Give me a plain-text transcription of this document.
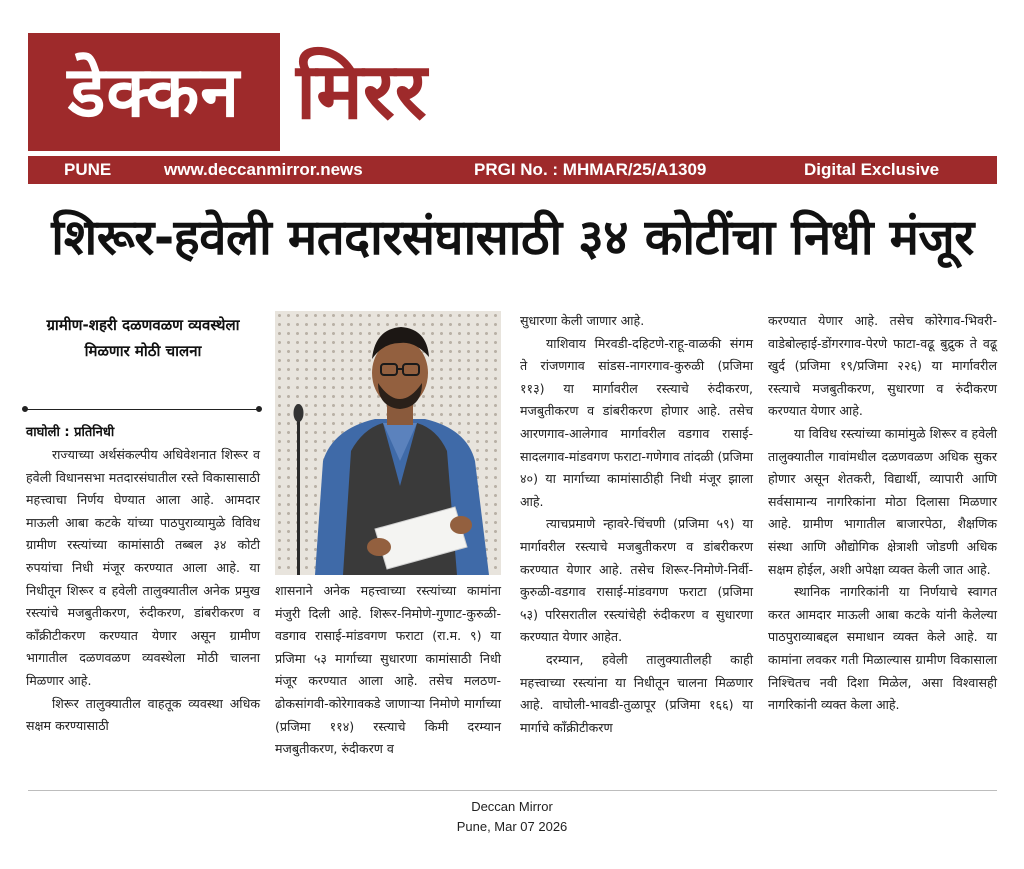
डेक्कन मिरर
PUNE	www.deccanmirror.news	PRGI No. : MHMAR/25/A1309	Digital Exclusive
शिरूर-हवेली मतदारसंघासाठी ३४ कोटींचा निधी मंजूर
ग्रामीण-शहरी दळणवळण व्यवस्थेला मिळणार मोठी चालना
वाघोली : प्रतिनिधी

राज्याच्या अर्थसंकल्पीय अधिवेशनात शिरूर व हवेली विधानसभा मतदारसंघातील रस्ते विकासासाठी महत्त्वाचा निर्णय घेण्यात आला आहे. आमदार माऊली आबा कटके यांच्या पाठपुराव्यामुळे विविध ग्रामीण रस्त्यांच्या कामांसाठी तब्बल ३४ कोटी रुपयांचा निधी मंजूर करण्यात आला आहे. या निधीतून शिरूर व हवेली तालुक्यातील अनेक प्रमुख रस्त्यांचे मजबुतीकरण, रुंदीकरण, डांबरीकरण व काँक्रीटीकरण करण्यात येणार असून ग्रामीण भागातील दळणवळण व्यवस्थेला मोठी चालना मिळणार आहे.

शिरूर तालुक्यातील वाहतूक व्यवस्था अधिक सक्षम करण्यासाठी

शासनाने अनेक महत्त्वाच्या रस्त्यांच्या कामांना मंजुरी दिली आहे. शिरूर-निमोणे-गुणाट-कुरुळी-वडगाव रासाई-मांडवगण फराटा (रा.म. ९) या प्रजिमा ५३ मार्गाच्या सुधारणा कामांसाठी निधी मंजूर करण्यात आला आहे. तसेच मलठण-ढोकसांगवी-कोरेगावकडे जाणाऱ्या निमोणे मार्गाच्या (प्रजिमा ११४) रस्त्याचे किमी दरम्यान मजबुतीकरण, रुंदीकरण व

सुधारणा केली जाणार आहे.

याशिवाय मिरवडी-दहिटणे-राहू-वाळकी संगम ते रांजणगाव सांडस-नागरगाव-कुरुळी (प्रजिमा ११३) या मार्गावरील रस्त्याचे रुंदीकरण, मजबुतीकरण व डांबरीकरण होणार आहे. तसेच आरणगाव-आलेगाव मार्गावरील वडगाव रासाई-सादलगाव-मांडवगण फराटा-गणेगाव तांदळी (प्रजिमा ४०) या मार्गाच्या कामांसाठीही निधी मंजूर झाला आहे.

त्याचप्रमाणे न्हावरे-चिंचणी (प्रजिमा ५९) या मार्गावरील रस्त्याचे मजबुतीकरण व डांबरीकरण करण्यात येणार आहे. तसेच शिरूर-निमोणे-निर्वी-कुरुळी-वडगाव रासाई-मांडवगण फराटा (प्रजिमा ५३) परिसरातील रस्त्यांचेही रुंदीकरण व सुधारणा करण्यात येणार आहेत.

दरम्यान, हवेली तालुक्यातीलही काही महत्त्वाच्या रस्त्यांना या निधीतून चालना मिळणार आहे. वाघोली-भावडी-तुळापूर (प्रजिमा १६६) या मार्गाचे काँक्रीटीकरण

करण्यात येणार आहे. तसेच कोरेगाव-भिवरी-वाडेबोल्हाई-डोंगरगाव-पेरणे फाटा-वढू बुद्रुक ते वढू खुर्द (प्रजिमा १९/प्रजिमा २२६) या मार्गावरील रस्त्याचे मजबुतीकरण, सुधारणा व रुंदीकरण करण्यात येणार आहे.

या विविध रस्त्यांच्या कामांमुळे शिरूर व हवेली तालुक्यातील गावांमधील दळणवळण अधिक सुकर होणार असून शेतकरी, विद्यार्थी, व्यापारी आणि सर्वसामान्य नागरिकांना मोठा दिलासा मिळणार आहे. ग्रामीण भागातील बाजारपेठा, शैक्षणिक संस्था आणि औद्योगिक क्षेत्राशी जोडणी अधिक सक्षम होईल, अशी अपेक्षा व्यक्त केली जात आहे.

स्थानिक नागरिकांनी या निर्णयाचे स्वागत करत आमदार माऊली आबा कटके यांनी केलेल्या पाठपुराव्याबद्दल समाधान व्यक्त केले आहे. या कामांना लवकर गती मिळाल्यास ग्रामीण विकासाला निश्चितच नवी दिशा मिळेल, असा विश्वासही नागरिकांनी व्यक्त केला आहे.

Deccan Mirror
Pune, Mar 07 2026
